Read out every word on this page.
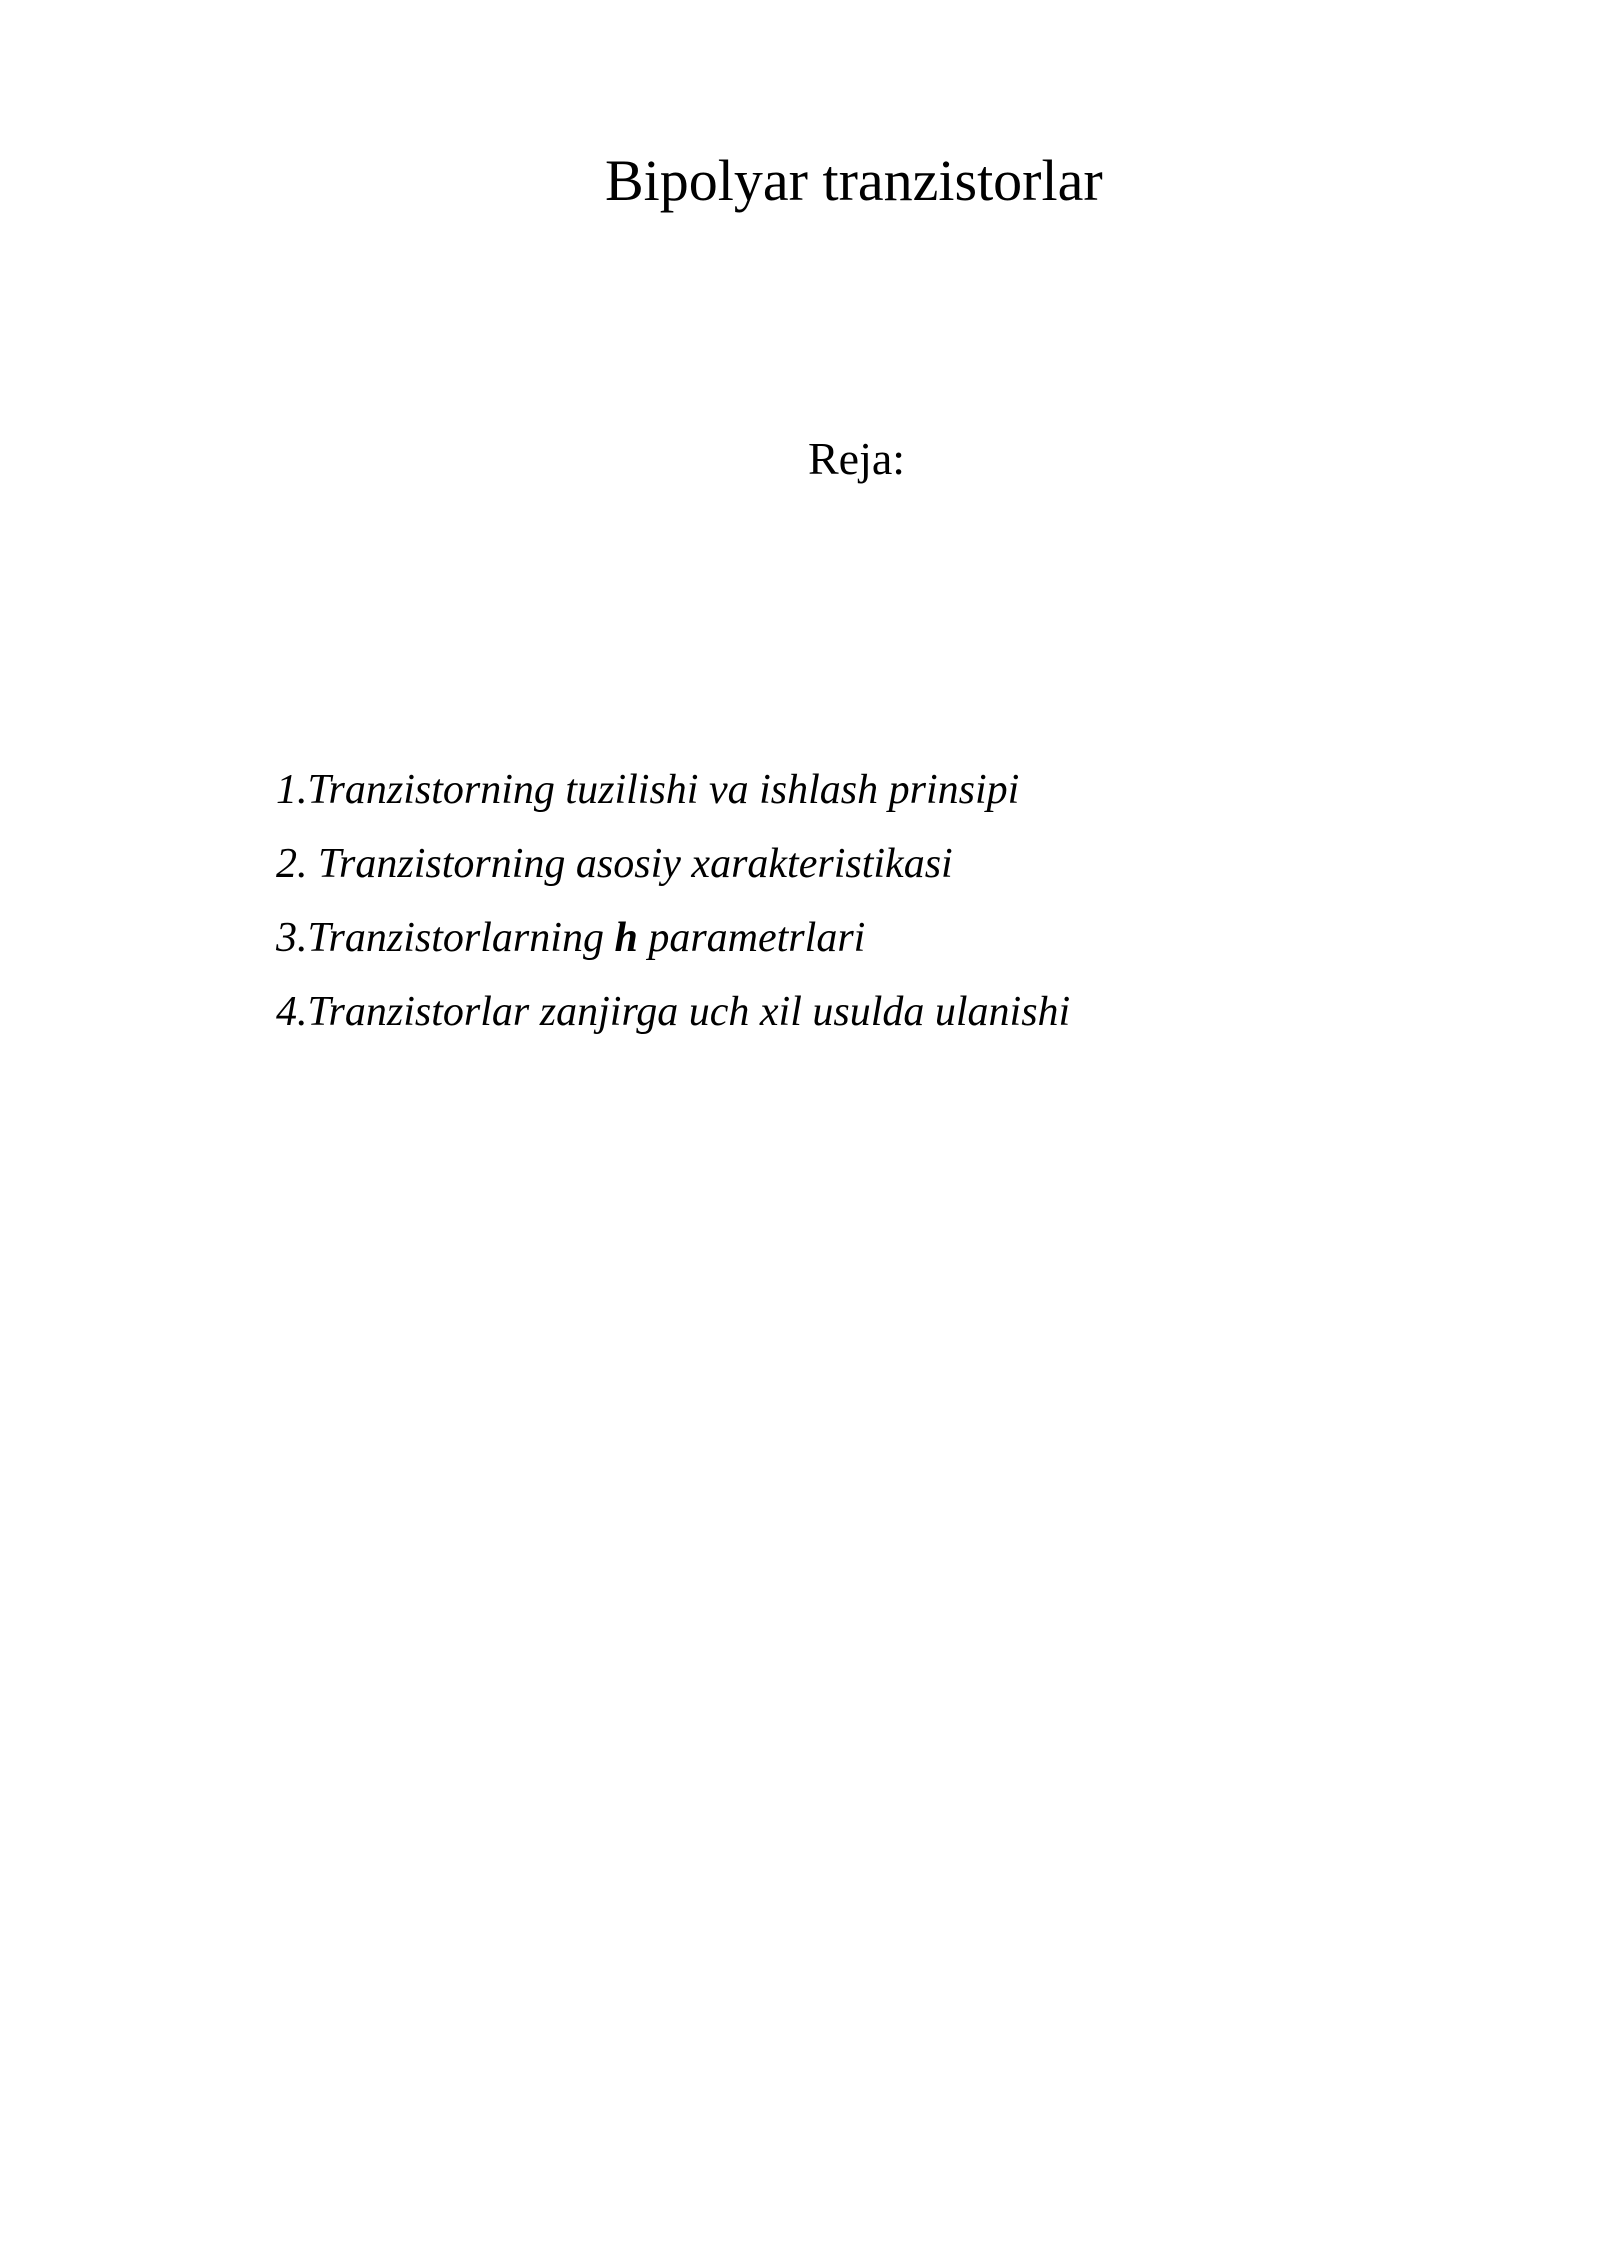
Bipolyar tranzistorlar
Reja:
1.Tranzistorning tuzilishi va ishlash prinsipi
2. Tranzistorning asosiy xarakteristikasi
3.Tranzistorlarning h parametrlari
4.Tranzistorlar zanjirga uch xil usulda ulanishi
